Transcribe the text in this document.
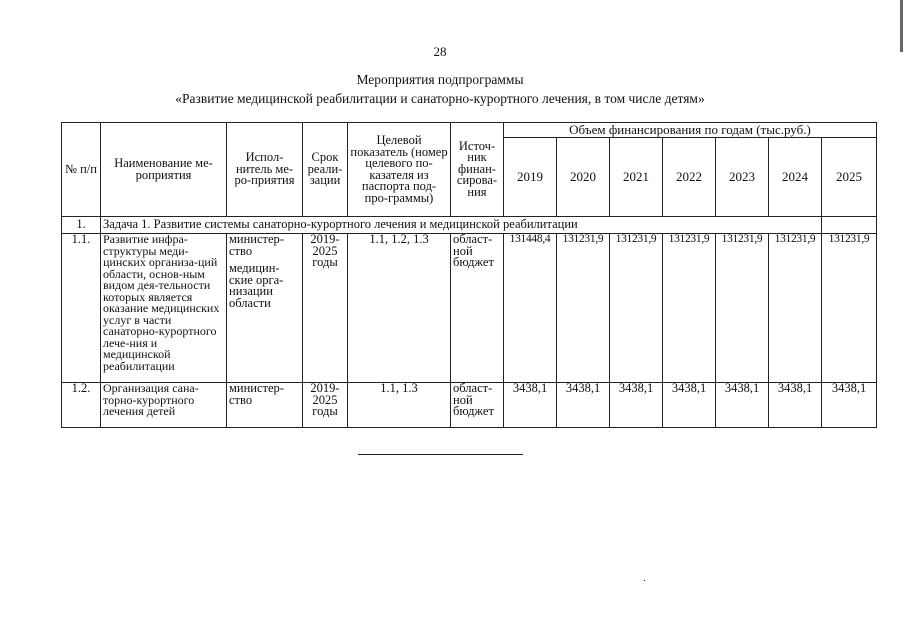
28
Мероприятия подпрограммы
«Развитие медицинской реабилитации и санаторно-курортного лечения, в том числе детям»
№ п/п	Наименование ме-роприятия	Испол-нитель ме-ро-приятия	Срок реали-зации	Целевой показатель (номер целевого по-казателя из паспорта под- про-граммы)	Источ-ник финан-сирова-ния	Объем финансирования по годам (тыс.руб.)						
						2019	2020	2021	2022	2023	2024	2025
1.	Задача 1. Развитие системы санаторно-курортного лечения и медицинской реабилитации											
1.1.	Развитие инфра-структуры меди-цинских организа-ций области, основ-ным видом дея-тельности которых является оказание медицинских услуг в части санаторно-курортного лече-ния и медицинской реабилитации	министер-ство
медицин-ские орга-низации области	2019-2025 годы	1.1, 1.2, 1.3	област-ной бюджет	131448,4	131231,9	131231,9	131231,9	131231,9	131231,9	131231,9
1.2.	Организация сана-торно-курортного лечения детей	министер-ство	2019-2025 годы	1.1, 1.3	област-ной бюджет	3438,1	3438,1	3438,1	3438,1	3438,1	3438,1	3438,1
·
